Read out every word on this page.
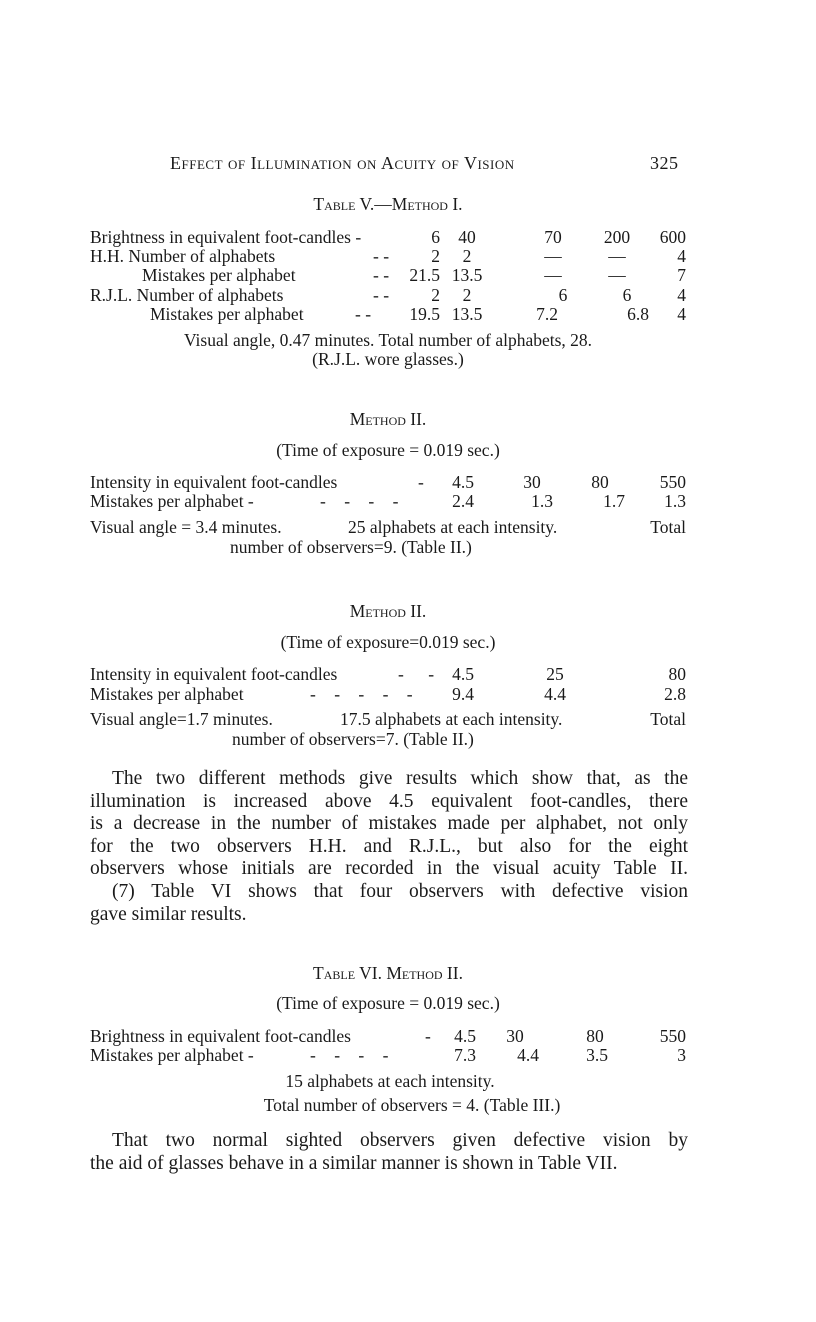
Effect of Illumination on Acuity of Vision	325
Table V.—Method I.
Brightness in equivalent foot-candles -	6	40	70	200	600
H.H. Number of alphabets	- -	2	2	—	—	4
Mistakes per alphabet	- -	21.5 13.5	—	—	7
R.J.L. Number of alphabets	- -	2	2	6	6	4
Mistakes per alphabet	- -	19.5 13.5	7.2	6.8	4
Visual angle, 0.47 minutes. Total number of alphabets, 28.
(R.J.L. wore glasses.)
Method II.
(Time of exposure = 0.019 sec.)
Intensity in equivalent foot-candles	-	4.5	30	80	550
Mistakes per alphabet -	- - - -	2.4	1.3	1.7	1.3
Visual angle = 3.4 minutes.	25 alphabets at each intensity.	Total
number of observers=9. (Table II.)
Method II.
(Time of exposure=0.019 sec.)
Intensity in equivalent foot-candles	- -	4.5	25	80
Mistakes per alphabet	- - - - -	9.4	4.4	2.8
Visual angle=1.7 minutes.	17.5 alphabets at each intensity.	Total
number of observers=7. (Table II.)

The two different methods give results which show that, as the

illumination is increased above 4.5 equivalent foot-candles, there

is a decrease in the number of mistakes made per alphabet, not only

for the two observers H.H. and R.J.L., but also for the eight

observers whose initials are recorded in the visual acuity Table II.

(7) Table VI shows that four observers with defective vision

gave similar results.

Table VI. Method II.
(Time of exposure = 0.019 sec.)
Brightness in equivalent foot-candles	-	4.5	30	80	550
Mistakes per alphabet -	- - - -	7.3	4.4	3.5	3
15 alphabets at each intensity.
Total number of observers = 4. (Table III.)

That two normal sighted observers given defective vision by

the aid of glasses behave in a similar manner is shown in Table VII.
